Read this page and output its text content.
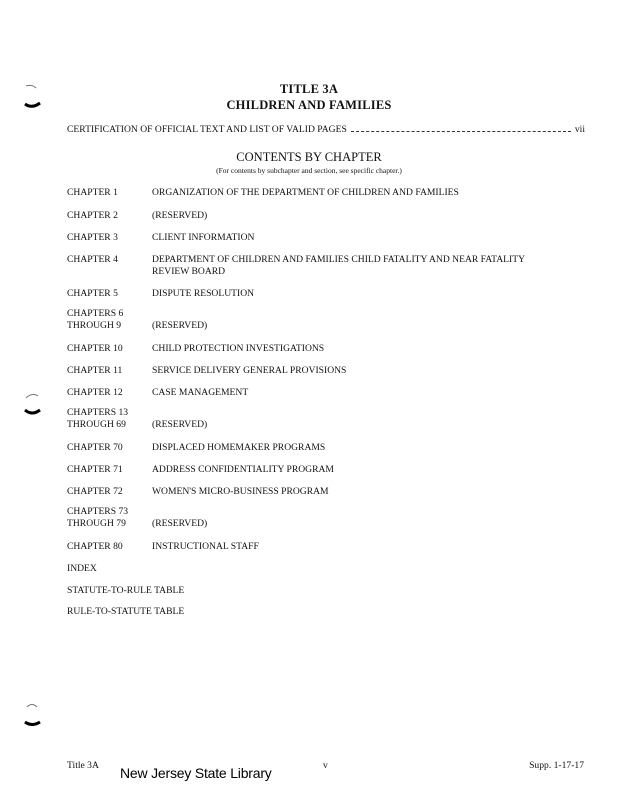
TITLE 3A
CHILDREN AND FAMILIES
CERTIFICATION OF OFFICIAL TEXT AND LIST OF VALID PAGES	vii
CONTENTS BY CHAPTER
(For contents by subchapter and section, see specific chapter.)
CHAPTER 1	ORGANIZATION OF THE DEPARTMENT OF CHILDREN AND FAMILIES
CHAPTER 2	(RESERVED)
CHAPTER 3	CLIENT INFORMATION
CHAPTER 4	DEPARTMENT OF CHILDREN AND FAMILIES CHILD FATALITY AND NEAR FATALITY REVIEW BOARD
CHAPTER 5	DISPUTE RESOLUTION
CHAPTERS 6
THROUGH 9	(RESERVED)
CHAPTER 10	CHILD PROTECTION INVESTIGATIONS
CHAPTER 11	SERVICE DELIVERY GENERAL PROVISIONS
CHAPTER 12	CASE MANAGEMENT
CHAPTERS 13
THROUGH 69	(RESERVED)
CHAPTER 70	DISPLACED HOMEMAKER PROGRAMS
CHAPTER 71	ADDRESS CONFIDENTIALITY PROGRAM
CHAPTER 72	WOMEN'S MICRO-BUSINESS PROGRAM
CHAPTERS 73
THROUGH 79	(RESERVED)
CHAPTER 80	INSTRUCTIONAL STAFF
INDEX
STATUTE-TO-RULE TABLE
RULE-TO-STATUTE TABLE
Title 3A New Jersey State Library	v	Supp. 1-17-17
